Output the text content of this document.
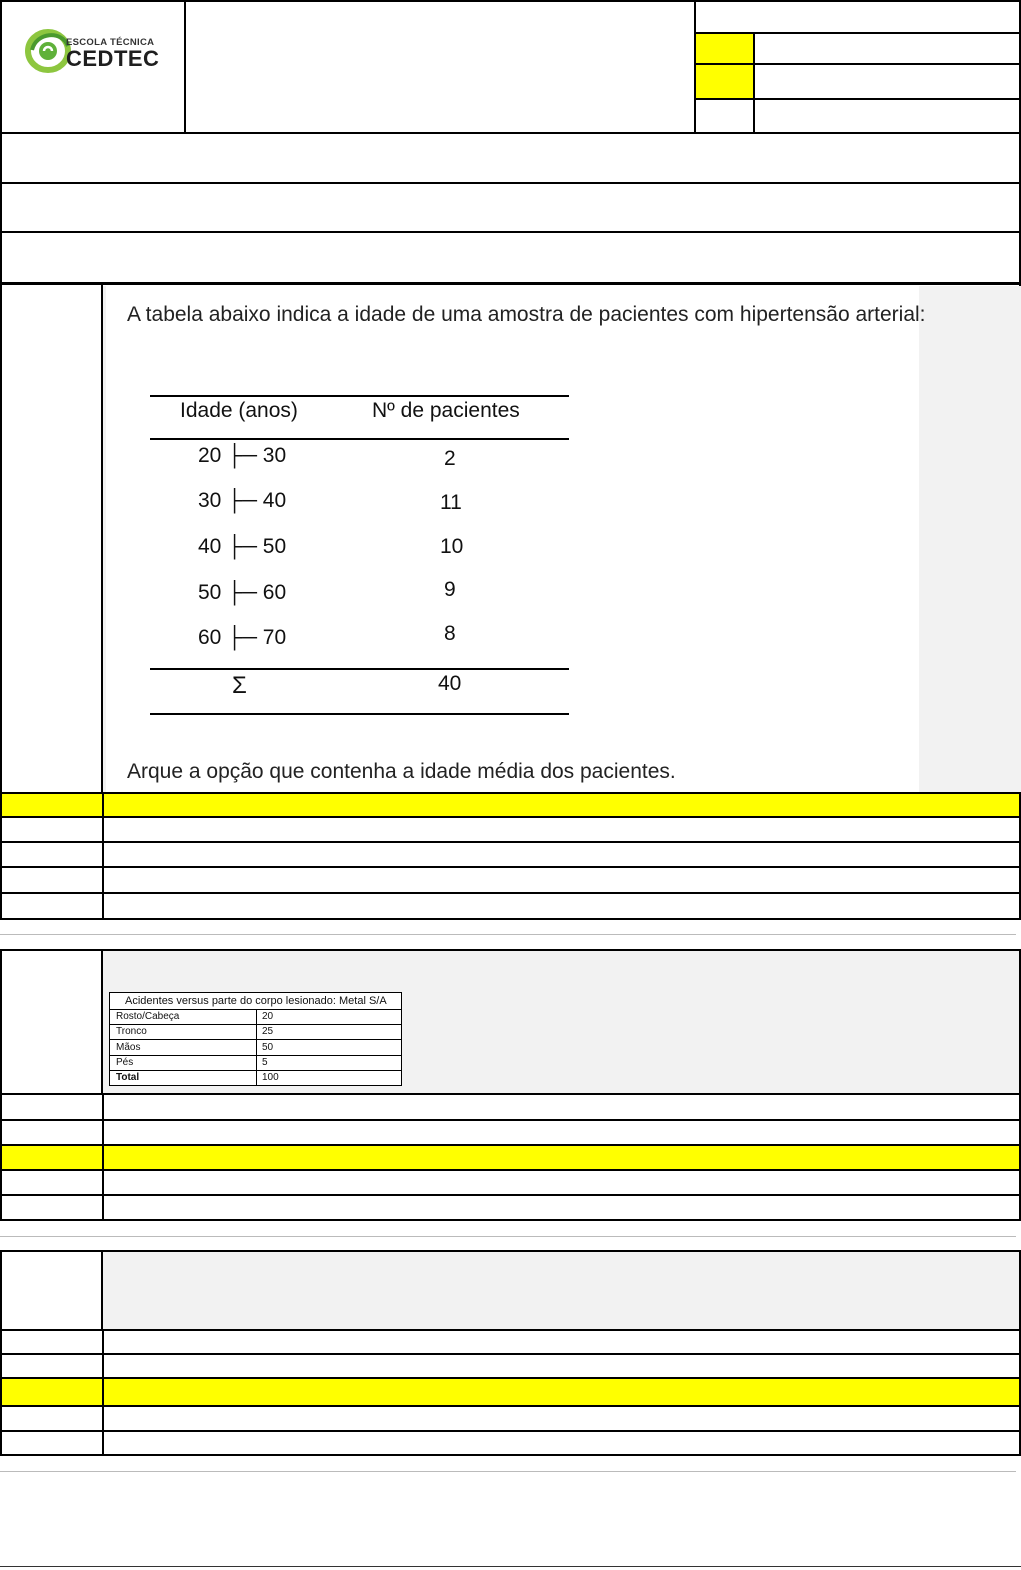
ESCOLA TÉCNICA
CEDTEC
A tabela abaixo indica a idade de uma amostra de pacientes com hipertensão arterial:
Idade (anos)	Nº de pacientes
20 ├─ 30	2
30 ├─ 40	11
40 ├─ 50	10
50 ├─ 60	9
60 ├─ 70	8
Σ	40
Arque a opção que contenha a idade média dos pacientes.
Acidentes versus parte do corpo lesionado: Metal S/A
Rosto/Cabeça	20
Tronco	25
Mãos	50
Pés	5
Total	100
